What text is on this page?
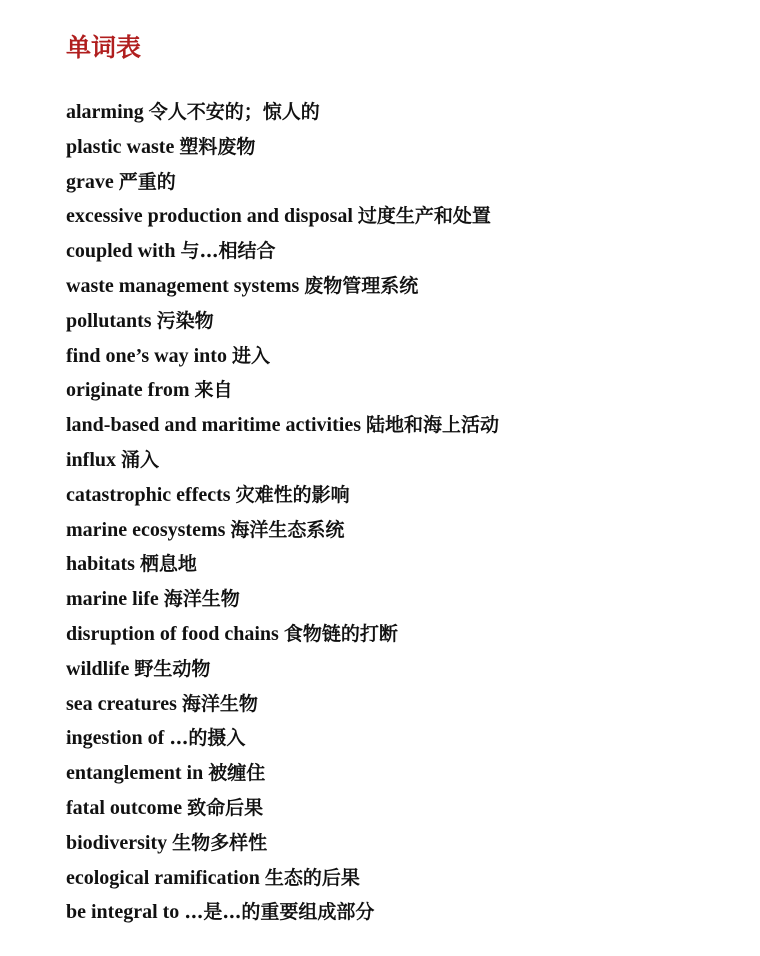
单词表
alarming 令人不安的；惊人的
plastic waste 塑料废物
grave 严重的
excessive production and disposal 过度生产和处置
coupled with 与…相结合
waste management systems 废物管理系统
pollutants 污染物
find one’s way into 进入
originate from 来自
land-based and maritime activities 陆地和海上活动
influx 涌入
catastrophic effects 灾难性的影响
marine ecosystems 海洋生态系统
habitats 栖息地
marine life 海洋生物
disruption of food chains 食物链的打断
wildlife 野生动物
sea creatures 海洋生物
ingestion of …的摄入
entanglement in 被缠住
fatal outcome 致命后果
biodiversity 生物多样性
ecological ramification 生态的后果
be integral to …是…的重要组成部分
